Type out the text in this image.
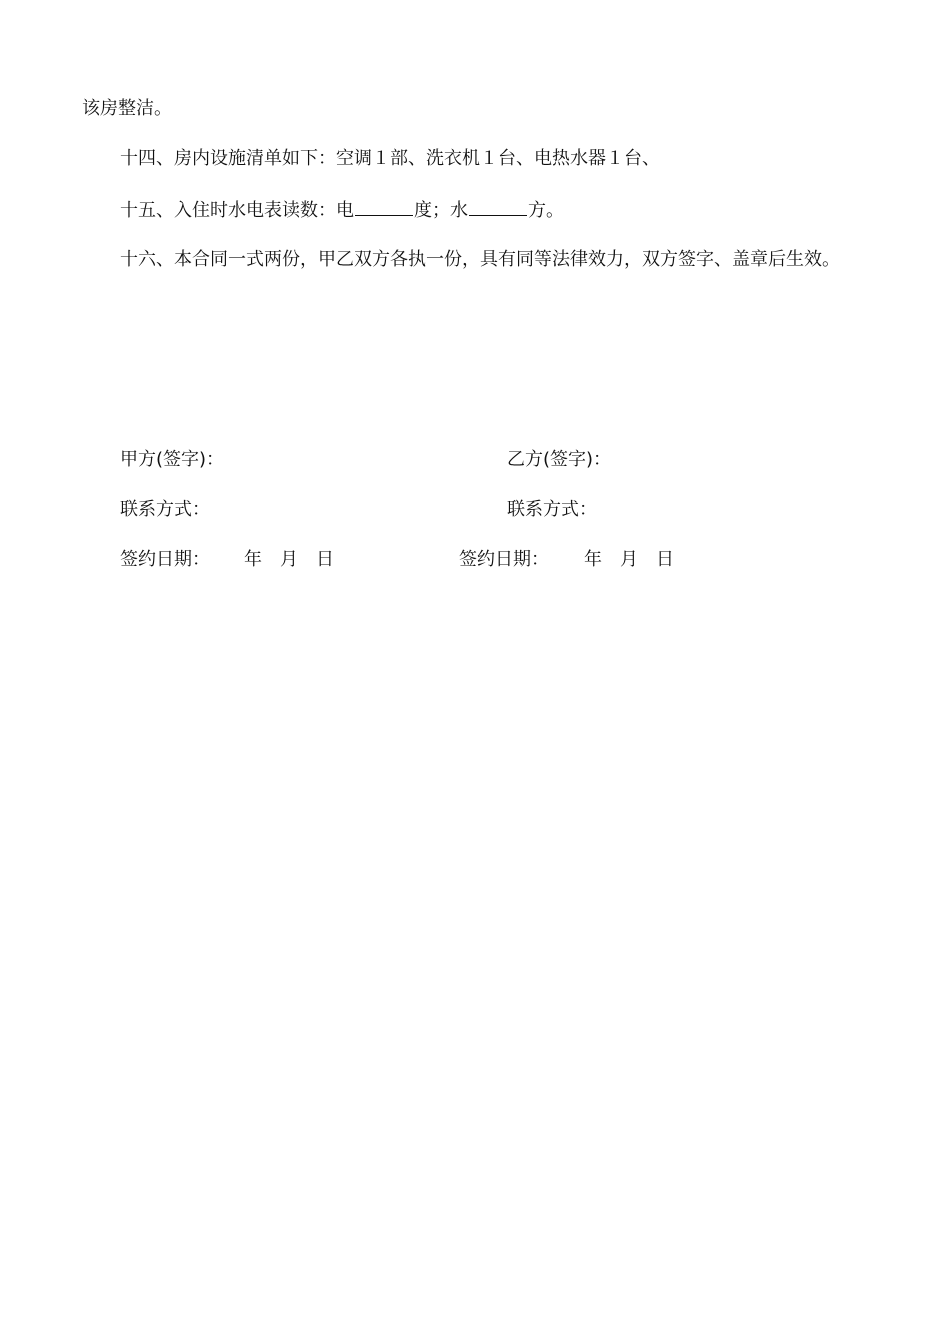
该房整洁。
十四、房内设施清单如下：空调１部、洗衣机１台、电热水器１台、
十五、入住时水电表读数：电	度；水	方。
十六、本合同一式两份，甲乙双方各执一份，具有同等法律效力，双方签字、盖章后生效。
甲方(签字)：	乙方(签字)：
联系方式：	联系方式：
签约日期： 年 月 日	签约日期： 年 月 日
